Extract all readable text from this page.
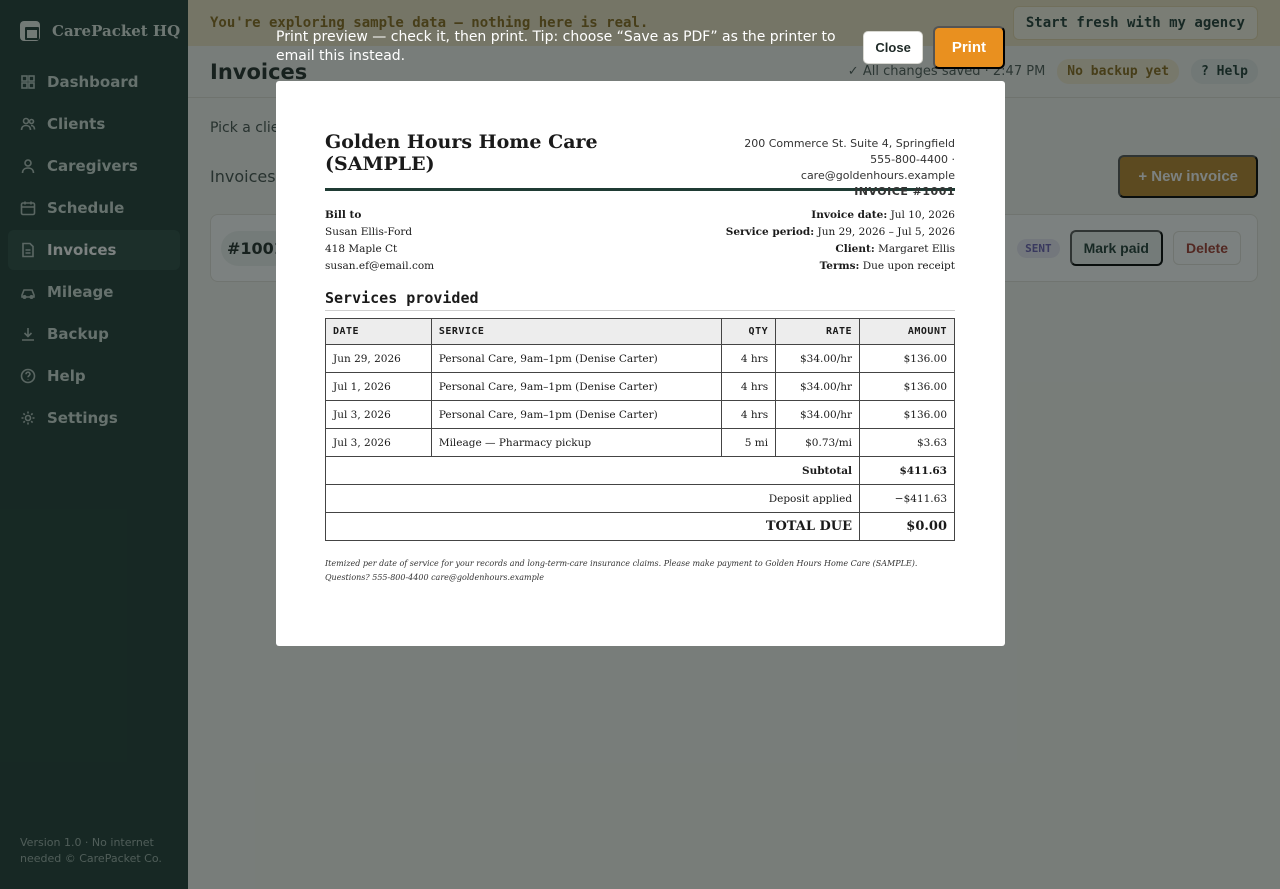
Print preview — check it, then print. Tip: choose “Save as PDF” as the printer to email this instead.

Close	Print
Golden Hours Home Care (SAMPLE)
200 Commerce St. Suite 4, Springfield
555-800-4400 · care@goldenhours.example
INVOICE #1001
Bill to
Susan Ellis-Ford
418 Maple Ct
susan.ef@email.com
Invoice date: Jul 10, 2026
Service period: Jun 29, 2026 – Jul 5, 2026
Client: Margaret Ellis
Terms: Due upon receipt
Services provided
DATE	SERVICE	QTY	RATE	AMOUNT
Jun 29, 2026	Personal Care, 9am–1pm (Denise Carter)	4 hrs	$34.00/hr	$136.00
Jul 1, 2026	Personal Care, 9am–1pm (Denise Carter)	4 hrs	$34.00/hr	$136.00
Jul 3, 2026	Personal Care, 9am–1pm (Denise Carter)	4 hrs	$34.00/hr	$136.00
Jul 3, 2026	Mileage — Pharmacy pickup	5 mi	$0.73/mi	$3.63
Subtotal				$411.63
Deposit applied				−$411.63
TOTAL DUE				$0.00

Itemized per date of service for your records and long-term-care insurance claims. Please make payment to Golden Hours Home Care (SAMPLE). Questions? 555-800-4400 care@goldenhours.example
